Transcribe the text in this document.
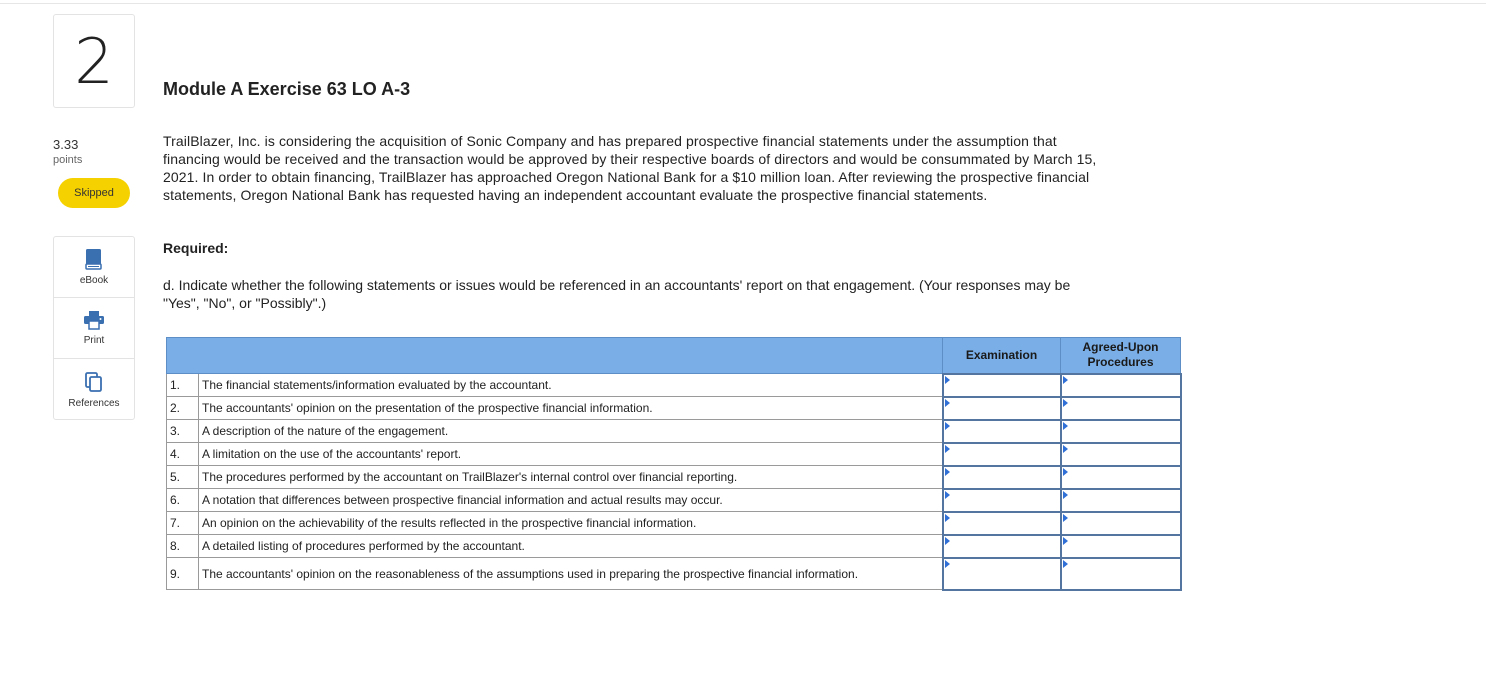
2
3.33
points
Skipped
eBook
Print
References
Module A Exercise 63 LO A-3

TrailBlazer, Inc. is considering the acquisition of Sonic Company and has prepared prospective financial statements under the assumption that financing would be received and the transaction would be approved by their respective boards of directors and would be consummated by March 15, 2021. In order to obtain financing, TrailBlazer has approached Oregon National Bank for a $10 million loan. After reviewing the prospective financial statements, Oregon National Bank has requested having an independent accountant evaluate the prospective financial statements.

Required:

d. Indicate whether the following statements or issues would be referenced in an accountants' report on that engagement. (Your responses may be "Yes", "No", or "Possibly".)

		Examination	Agreed-Upon Procedures
1.	The financial statements/information evaluated by the accountant.	

2.	The accountants' opinion on the presentation of the prospective financial information.	

3.	A description of the nature of the engagement.	

4.	A limitation on the use of the accountants' report.	

5.	The procedures performed by the accountant on TrailBlazer's internal control over financial reporting.	

6.	A notation that differences between prospective financial information and actual results may occur.	

7.	An opinion on the achievability of the results reflected in the prospective financial information.	

8.	A detailed listing of procedures performed by the accountant.	

9.	The accountants' opinion on the reasonableness of the assumptions used in preparing the prospective financial information.	
